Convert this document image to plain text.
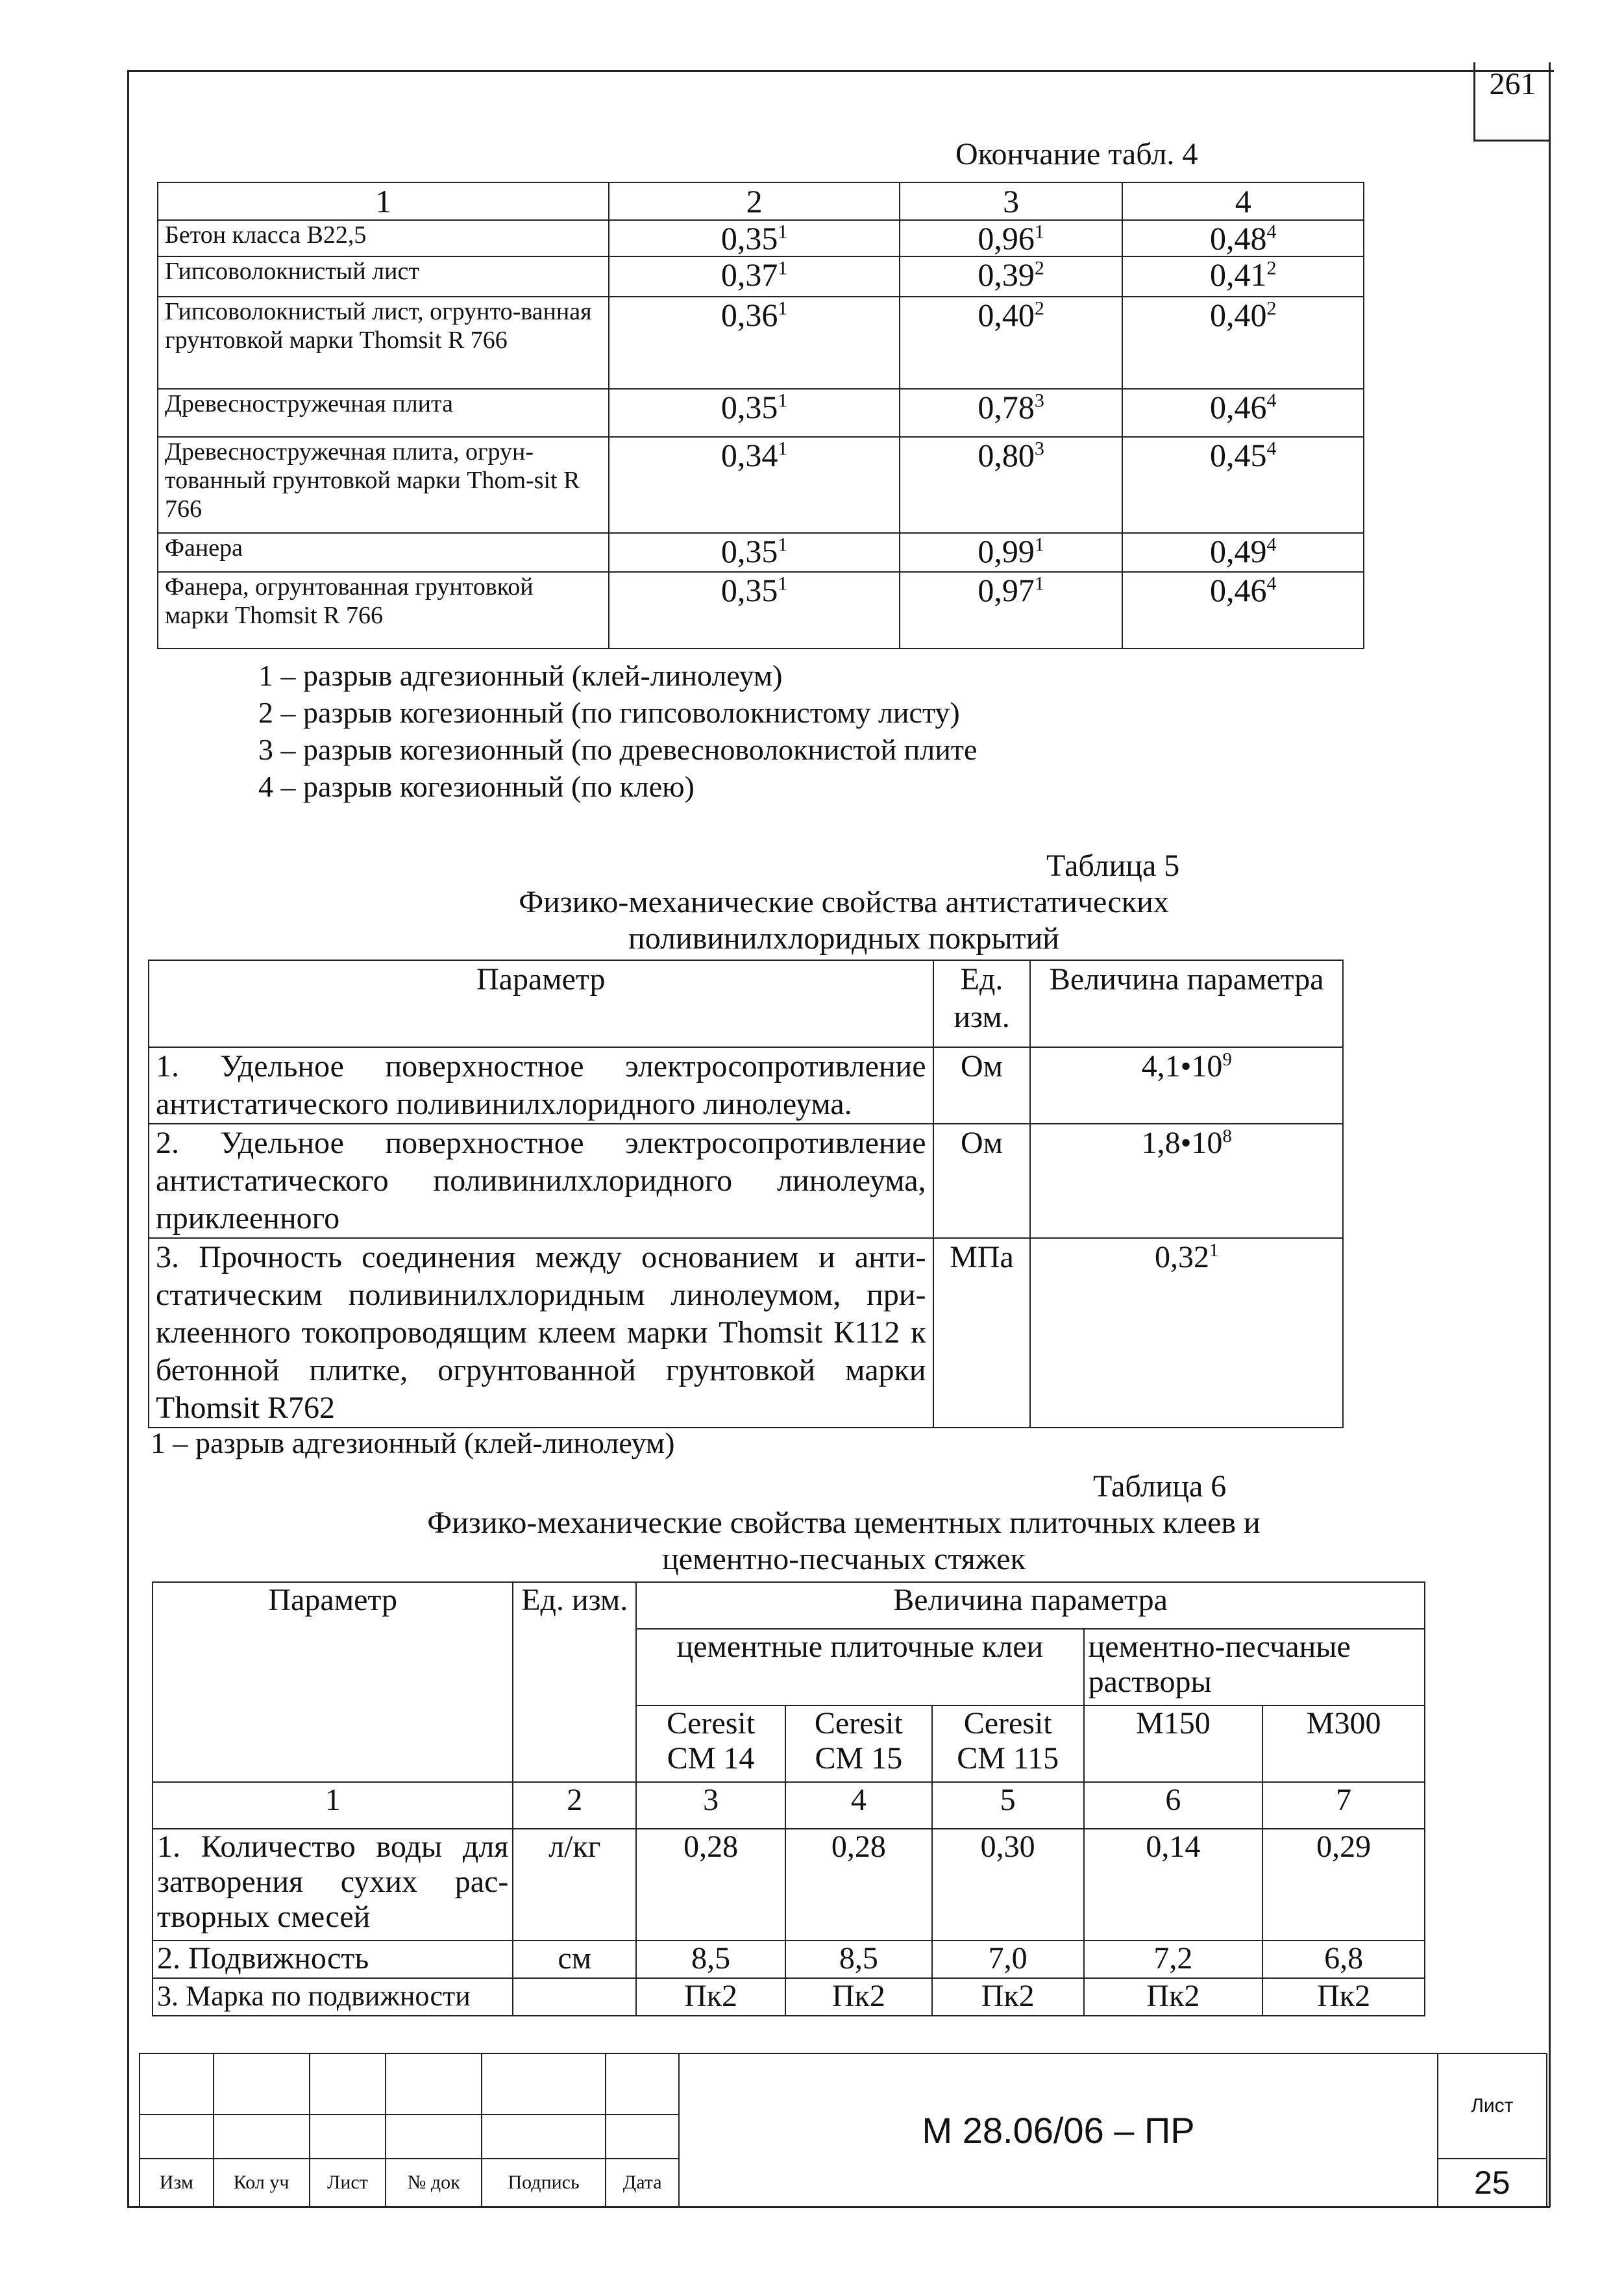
261
Окончание табл. 4
1	2	3	4
Бетон класса В22,5	0,35$^1$	0,96$^1$	0,48$^4$
Гипсоволокнистый лист	0,37$^1$	0,39$^2$	0,41$^2$
Гипсоволокнистый лист, огрунто-ванная грунтовкой марки Thomsit R 766	0,36$^1$	0,40$^2$	0,40$^2$
Древесностружечная плита	0,35$^1$	0,78$^3$	0,46$^4$
Древесностружечная плита, огрун-тованный грунтовкой марки Thom-sit R 766	0,34$^1$	0,80$^3$	0,45$^4$
Фанера	0,35$^1$	0,99$^1$	0,49$^4$
Фанера, огрунтованная грунтовкой марки Thomsit R 766	0,35$^1$	0,97$^1$	0,46$^4$
1 – разрыв адгезионный (клей-линолеум)
2 – разрыв когезионный (по гипсоволокнистому листу)
3 – разрыв когезионный (по древесноволокнистой плите
4 – разрыв когезионный (по клею)
Таблица 5
Физико-механические свойства антистатических
поливинилхлоридных покрытий
Параметр	Ед. изм.	Величина параметра
1. Удельное поверхностное электросопротивление антистатического поливинилхлоридного линолеума.	Ом	$4,1•10^9$
2. Удельное поверхностное электросопротивление антистатического поливинилхлоридного линолеума, приклеенного	Ом	$1,8•10^8$
3. Прочность соединения между основанием и анти-статическим поливинилхлоридным линолеумом, при-клеенного токопроводящим клеем марки Thomsit К112 к бетонной плитке, огрунтованной грунтовкой марки Thomsit R762	МПа	0,32$^1$
1 – разрыв адгезионный (клей-линолеум)
Таблица 6
Физико-механические свойства цементных плиточных клеев и
цементно-песчаных стяжек
Параметр	Ед. изм.	Величина параметра				
		цементные плиточные клеи			цементно-песчаные растворы	
		Ceresit CM 14	Ceresit CM 15	Ceresit CM 115	М150	М300
1	2	3	4	5	6	7
1. Количество воды для затворения сухих рас-творных смесей	л/кг	0,28	0,28	0,30	0,14	0,29
2. Подвижность	см	8,5	8,5	7,0	7,2	6,8
3. Марка по подвижности		Пк2	Пк2	Пк2	Пк2	Пк2
						М 28.06/06 – ПР	Лист

Изм	Кол уч	Лист	№ док	Подпись	Дата		25
